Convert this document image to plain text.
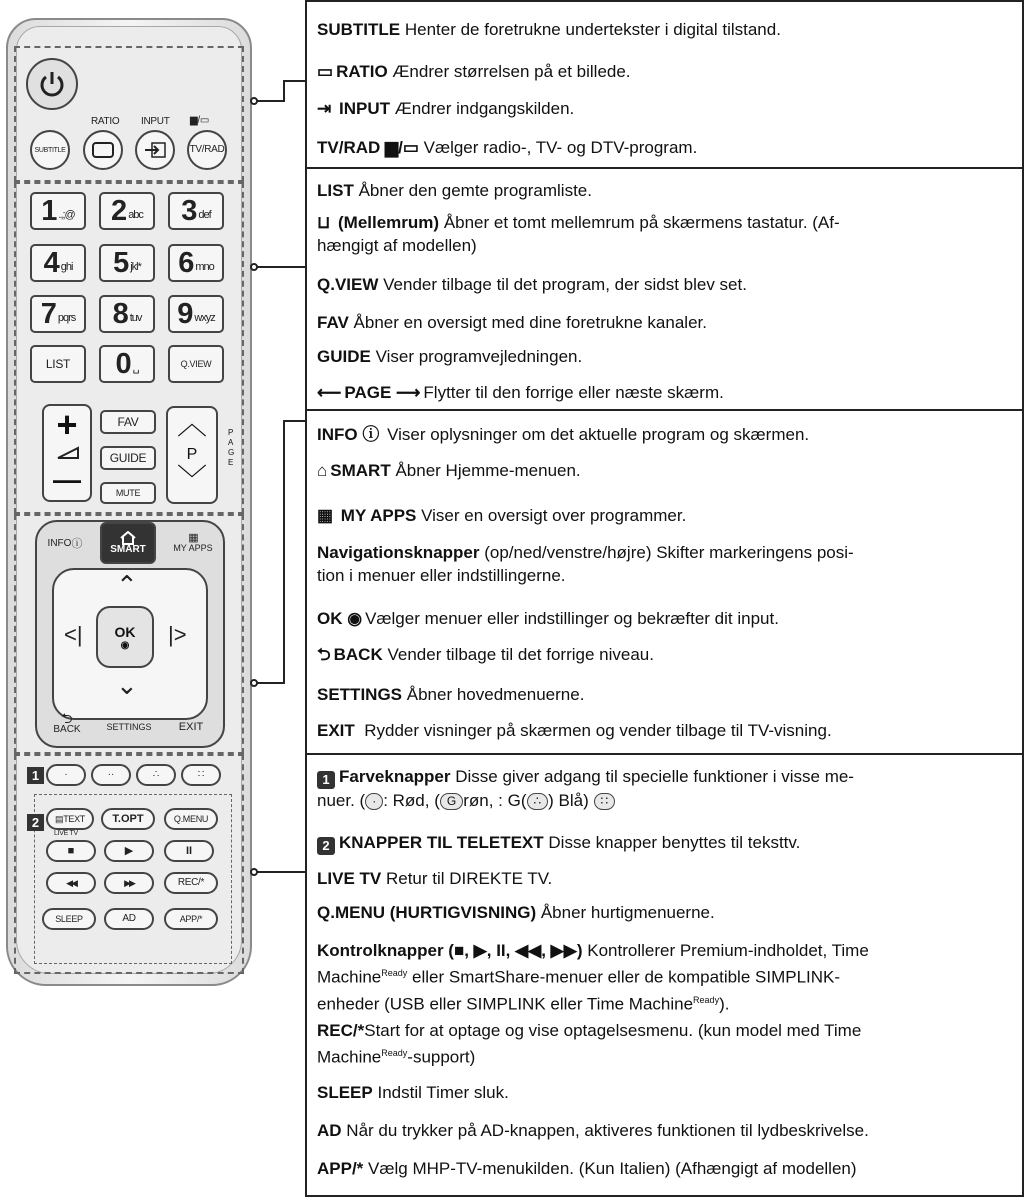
RATIO INPUT ▆/▭
SUBTITLE	TV/RAD
1 .,;@ 2 abc 3 def
4 ghi 5 jkl* 6 mno
7 pqrs 8 tuv 9 wxyz
LIST	0 ␣	Q.VIEW
+
—
FAV
GUIDE
MUTE
︿
P
﹀
PAGE
INFO ⓘ	SMART
▦
MY APPS
⌃
⌄
<|	|>
OK
◉
⮌
BACK	SETTINGS	EXIT
1	·	··	∴	∷
2	▤ TEXT	T.OPT	Q.MENU
LIVE TV
■	▶	II
◀◀	▶▶	REC/*
SLEEP	AD	APP/*
SUBTITLE Henter de foretrukne undertekster i digital tilstand.
▭ RATIO Ændrer størrelsen på et billede.
⇥ INPUT Ændrer indgangskilden.
TV/RAD ▆/▭ Vælger radio-, TV- og DTV-program.
LIST Åbner den gemte programliste.
⊔ (Mellemrum) Åbner et tomt mellemrum på skærmens tastatur. (Af-
hængigt af modellen)
Q.VIEW Vender tilbage til det program, der sidst blev set.
FAV Åbner en oversigt med dine foretrukne kanaler.
GUIDE Viser programvejledningen.
⟵ PAGE ⟶ Flytter til den forrige eller næste skærm.
INFO ⓘ Viser oplysninger om det aktuelle program og skærmen.
⌂ SMART Åbner Hjemme-menuen.
▦ MY APPS Viser en oversigt over programmer.
Navigationsknapper (op/ned/venstre/højre) Skifter markeringens posi-
tion i menuer eller indstillingerne.
OK ◉ Vælger menuer eller indstillinger og bekræfter dit input.
⮌ BACK Vender tilbage til det forrige niveau.
SETTINGS Åbner hovedmenuerne.
EXIT Rydder visninger på skærmen og vender tilbage til TV-visning.
1 Farveknapper Disse giver adgang til specielle funktioner i visse me-
nuer. ( · : Rød, ( G røn, : G( ∴ ) Blå) ∷
2 KNAPPER TIL TELETEXT Disse knapper benyttes til teksttv.
LIVE TV Retur til DIREKTE TV.
Q.MENU (HURTIGVISNING) Åbner hurtigmenuerne.
Kontrolknapper (■, ▶, II, ◀◀, ▶▶) Kontrollerer Premium-indholdet, Time
Machine$^{Ready}$ eller SmartShare-menuer eller de kompatible SIMPLINK-
enheder (USB eller SIMPLINK eller Time Machine$^{Ready}$).
REC/*Start for at optage og vise optagelsesmenu. (kun model med Time
Machine$^{Ready}$-support)
SLEEP Indstil Timer sluk.
AD Når du trykker på AD-knappen, aktiveres funktionen til lydbeskrivelse.
APP/* Vælg MHP-TV-menukilden. (Kun Italien) (Afhængigt af modellen)
